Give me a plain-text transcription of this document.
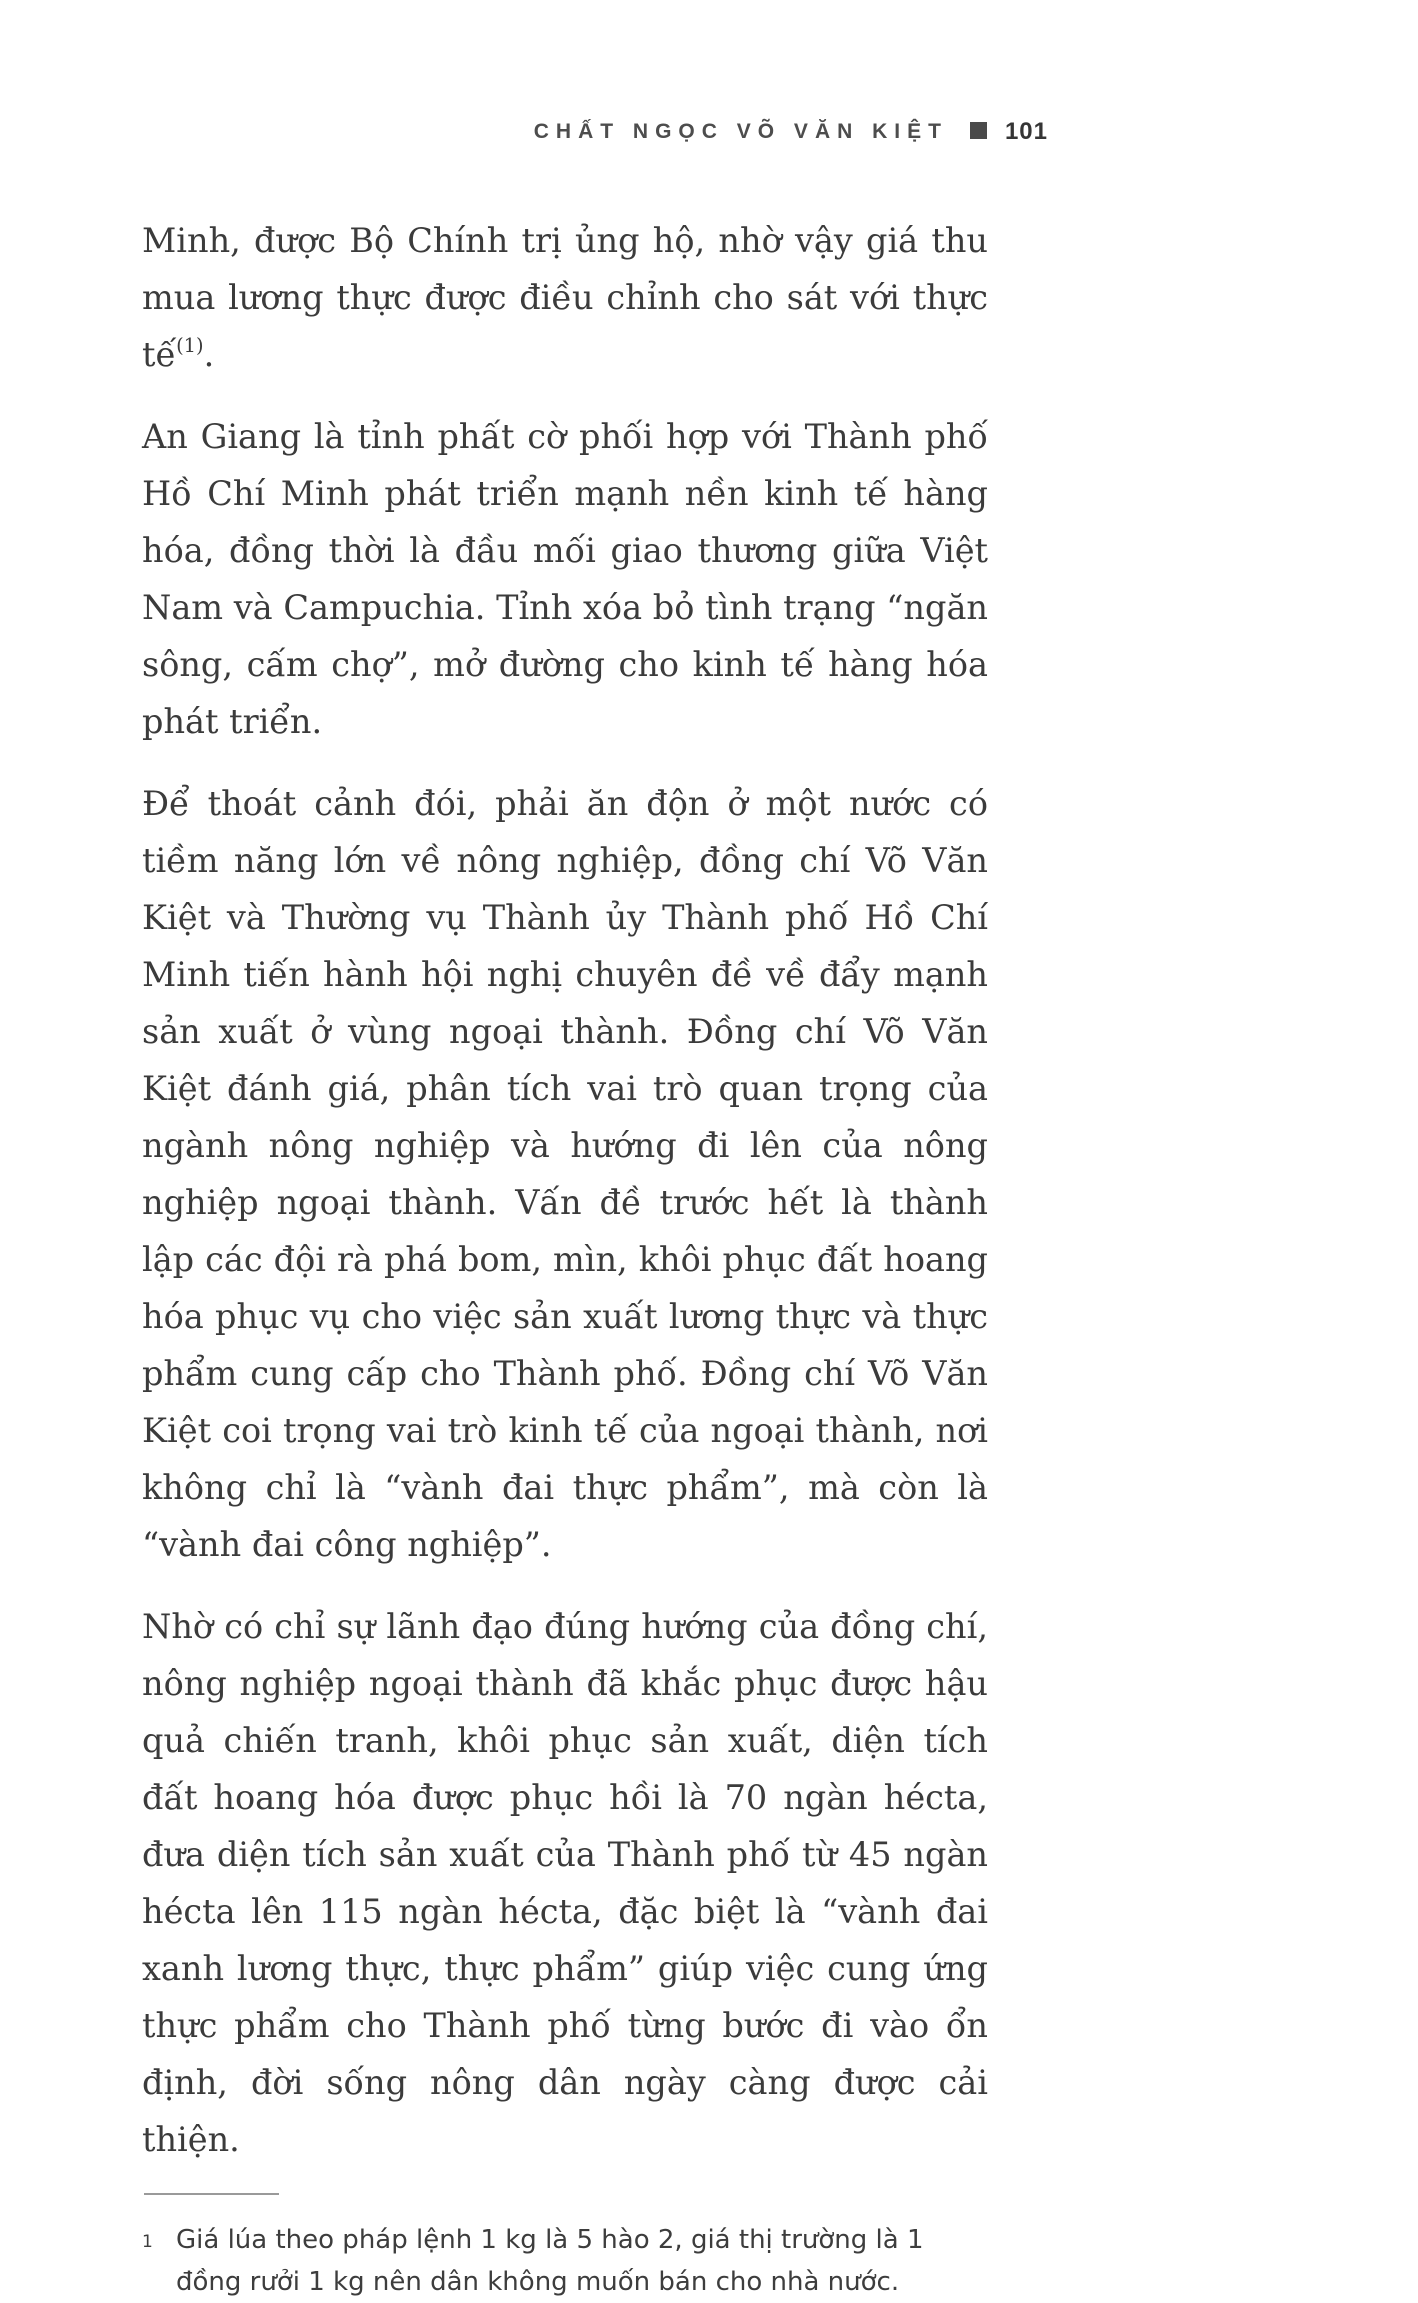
CHẤT NGỌC VÕ VĂN KIỆT 101

Minh, được Bộ Chính trị ủng hộ, nhờ vậy giá thu mua lương thực được điều chỉnh cho sát với thực tế$^{(1)}$.

An Giang là tỉnh phất cờ phối hợp với Thành phố Hồ Chí Minh phát triển mạnh nền kinh tế hàng hóa, đồng thời là đầu mối giao thương giữa Việt Nam và Campuchia. Tỉnh xóa bỏ tình trạng “ngăn sông, cấm chợ”, mở đường cho kinh tế hàng hóa phát triển.

Để thoát cảnh đói, phải ăn độn ở một nước có tiềm năng lớn về nông nghiệp, đồng chí Võ Văn Kiệt và Thường vụ Thành ủy Thành phố Hồ Chí Minh tiến hành hội nghị chuyên đề về đẩy mạnh sản xuất ở vùng ngoại thành. Đồng chí Võ Văn Kiệt đánh giá, phân tích vai trò quan trọng của ngành nông nghiệp và hướng đi lên của nông nghiệp ngoại thành. Vấn đề trước hết là thành lập các đội rà phá bom, mìn, khôi phục đất hoang hóa phục vụ cho việc sản xuất lương thực và thực phẩm cung cấp cho Thành phố. Đồng chí Võ Văn Kiệt coi trọng vai trò kinh tế của ngoại thành, nơi không chỉ là “vành đai thực phẩm”, mà còn là “vành đai công nghiệp”.

Nhờ có chỉ sự lãnh đạo đúng hướng của đồng chí, nông nghiệp ngoại thành đã khắc phục được hậu quả chiến tranh, khôi phục sản xuất, diện tích đất hoang hóa được phục hồi là 70 ngàn hécta, đưa diện tích sản xuất của Thành phố từ 45 ngàn hécta lên 115 ngàn hécta, đặc biệt là “vành đai xanh lương thực, thực phẩm” giúp việc cung ứng thực phẩm cho Thành phố từng bước đi vào ổn định, đời sống nông dân ngày càng được cải thiện.

1 Giá lúa theo pháp lệnh 1 kg là 5 hào 2, giá thị trường là 1 đồng rưởi 1 kg nên dân không muốn bán cho nhà nước.
